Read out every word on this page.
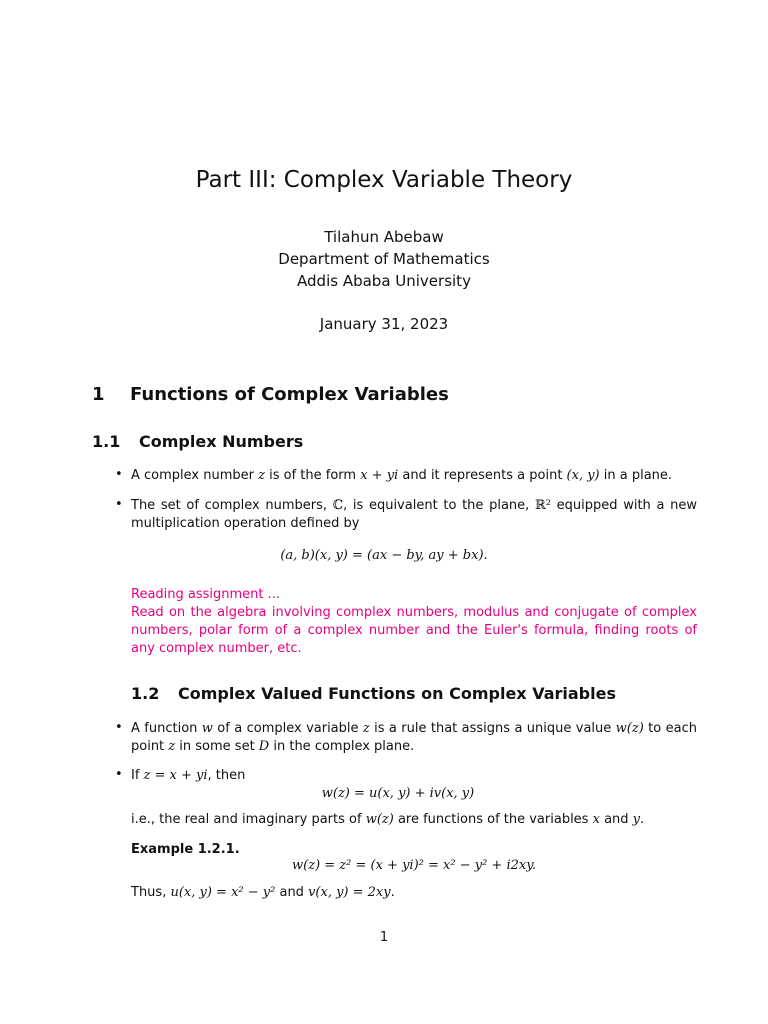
Part III: Complex Variable Theory
Tilahun Abebaw
Department of Mathematics
Addis Ababa University
January 31, 2023
1 Functions of Complex Variables
1.1 Complex Numbers
• A complex number z is of the form x + yi and it represents a point (x, y) in a plane.
• The set of complex numbers, ℂ, is equivalent to the plane, ℝ² equipped with a new multiplication operation defined by
(a, b)(x, y) = (ax − by, ay + bx).
Reading assignment ...
Read on the algebra involving complex numbers, modulus and conjugate of complex numbers, polar form of a complex number and the Euler's formula, finding roots of any complex number, etc.
1.2 Complex Valued Functions on Complex Variables
• A function w of a complex variable z is a rule that assigns a unique value w(z) to each point z in some set D in the complex plane.
• If z = x + yi, then
w(z) = u(x, y) + iv(x, y)
i.e., the real and imaginary parts of w(z) are functions of the variables x and y.
Example 1.2.1.
w(z) = z² = (x + yi)² = x² − y² + i2xy.
Thus, u(x, y) = x² − y² and v(x, y) = 2xy.
1
